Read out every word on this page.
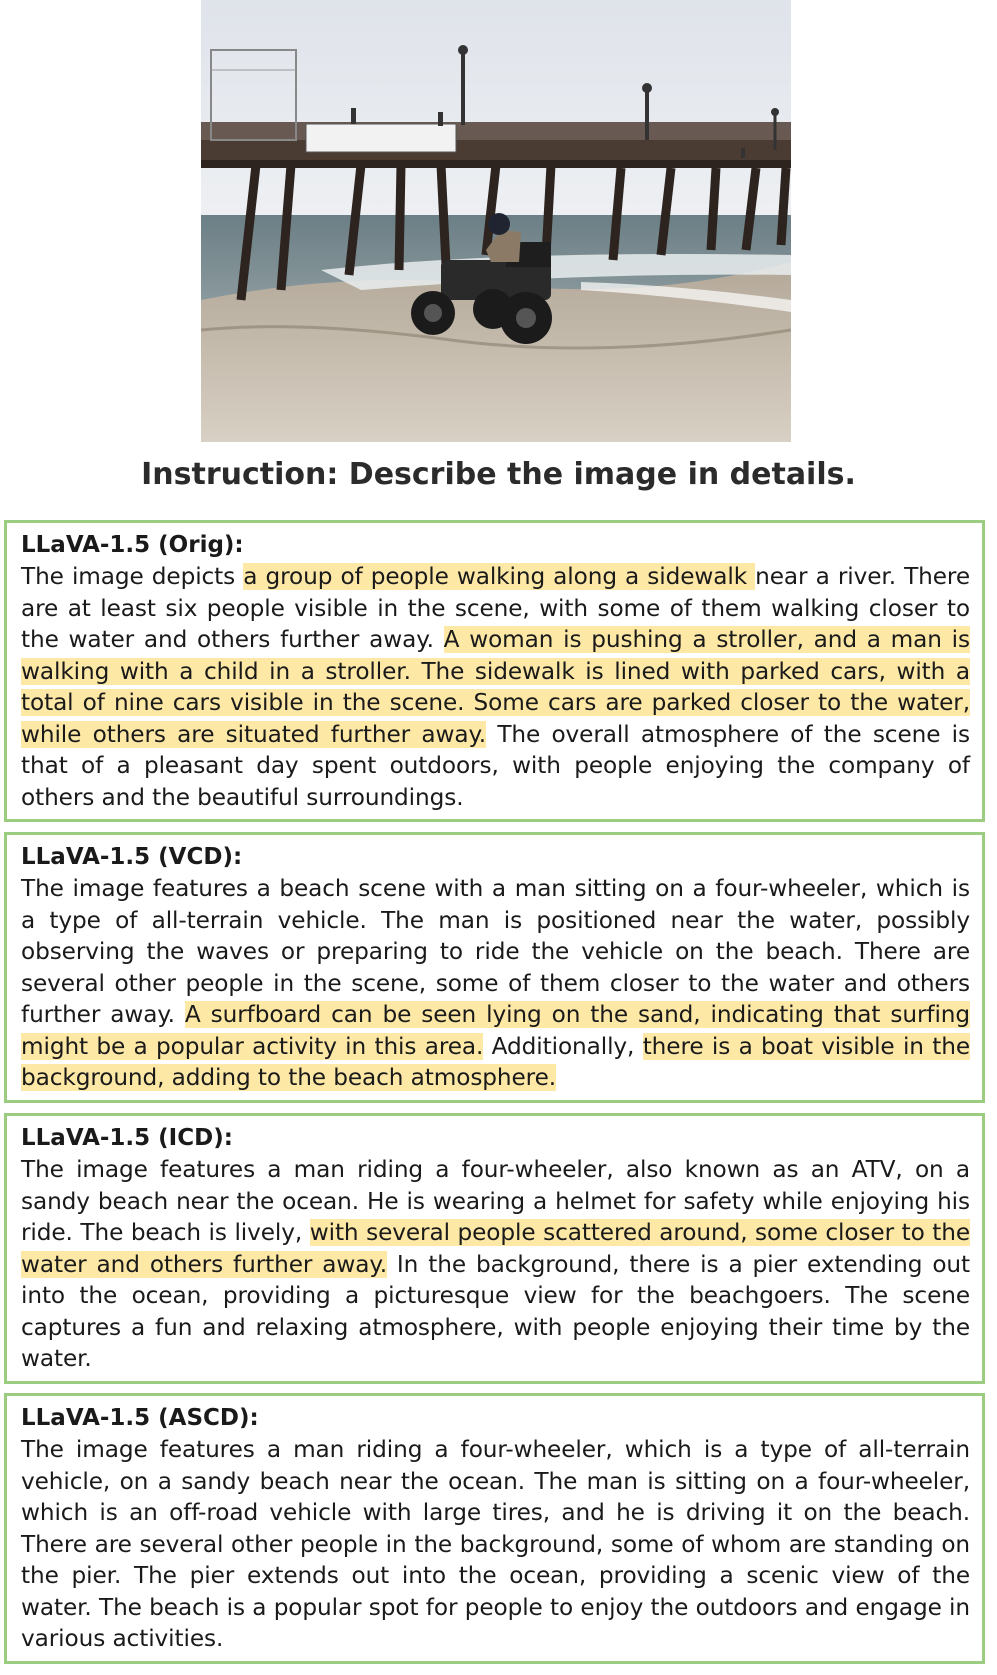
Instruction: Describe the image in details.
LLaVA-1.5 (Orig):
The image depicts a group of people walking along a sidewalk near a river. There are at least six people visible in the scene, with some of them walking closer to the water and others further away. A woman is pushing a stroller, and a man is walking with a child in a stroller. The sidewalk is lined with parked cars, with a total of nine cars visible in the scene. Some cars are parked closer to the water, while others are situated further away. The overall atmosphere of the scene is that of a pleasant day spent outdoors, with people enjoying the company of others and the beautiful surroundings.
LLaVA-1.5 (VCD):
The image features a beach scene with a man sitting on a four-wheeler, which is a type of all-terrain vehicle. The man is positioned near the water, possibly observing the waves or preparing to ride the vehicle on the beach. There are several other people in the scene, some of them closer to the water and others further away. A surfboard can be seen lying on the sand, indicating that surfing might be a popular activity in this area. Additionally, there is a boat visible in the background, adding to the beach atmosphere.
LLaVA-1.5 (ICD):
The image features a man riding a four-wheeler, also known as an ATV, on a sandy beach near the ocean. He is wearing a helmet for safety while enjoying his ride. The beach is lively, with several people scattered around, some closer to the water and others further away. In the background, there is a pier extending out into the ocean, providing a picturesque view for the beachgoers. The scene captures a fun and relaxing atmosphere, with people enjoying their time by the water.
LLaVA-1.5 (ASCD):
The image features a man riding a four-wheeler, which is a type of all-terrain vehicle, on a sandy beach near the ocean. The man is sitting on a four-wheeler, which is an off-road vehicle with large tires, and he is driving it on the beach. There are several other people in the background, some of whom are standing on the pier. The pier extends out into the ocean, providing a scenic view of the water. The beach is a popular spot for people to enjoy the outdoors and engage in various activities.
